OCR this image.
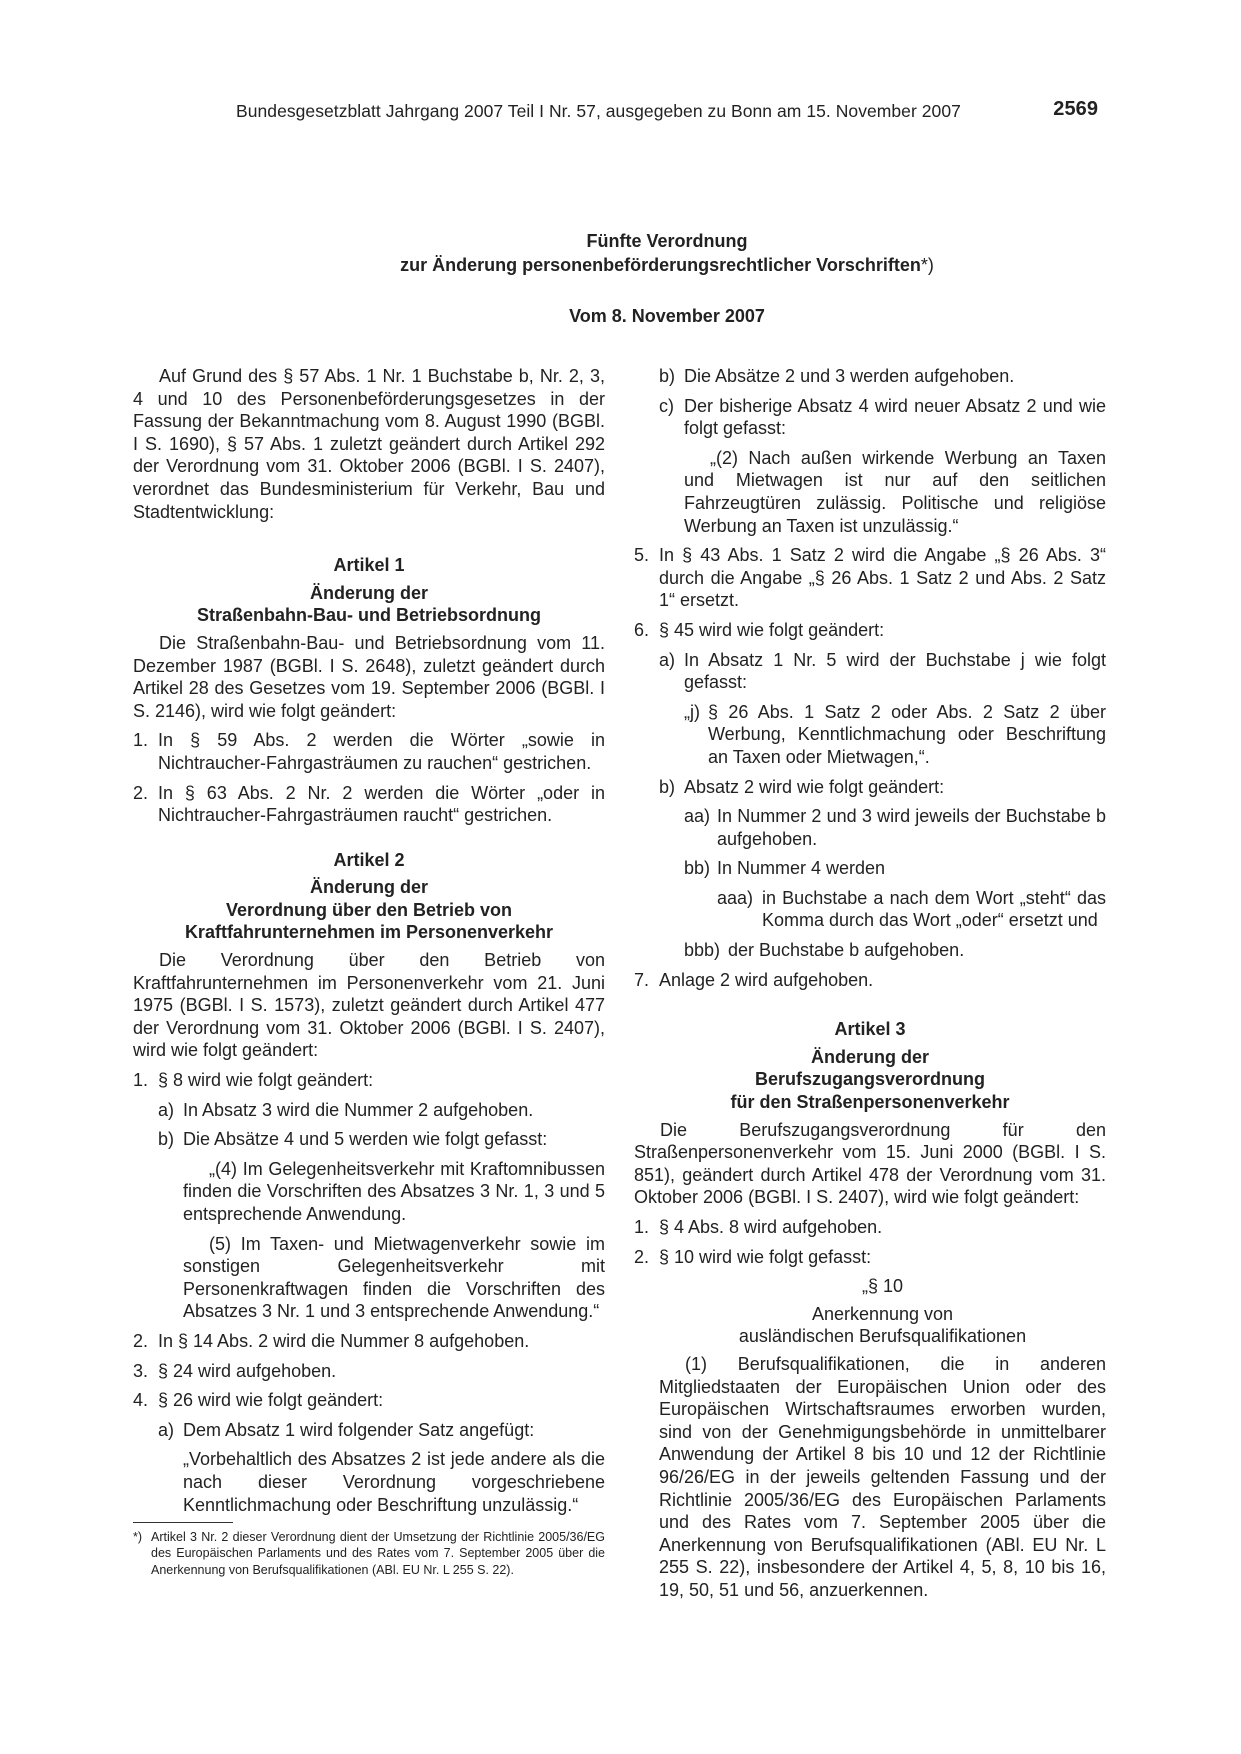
Bundesgesetzblatt Jahrgang 2007 Teil I Nr. 57, ausgegeben zu Bonn am 15. November 2007	2569
Fünfte Verordnung
zur Änderung personenbeförderungsrechtlicher Vorschriften*)
Vom 8. November 2007

Auf Grund des § 57 Abs. 1 Nr. 1 Buchstabe b, Nr. 2, 3, 4 und 10 des Personenbeförderungsgesetzes in der Fassung der Bekanntmachung vom 8. August 1990 (BGBl. I S. 1690), § 57 Abs. 1 zuletzt geändert durch Artikel 292 der Verordnung vom 31. Oktober 2006 (BGBl. I S. 2407), verordnet das Bundesministerium für Verkehr, Bau und Stadtentwicklung:

Artikel 1
Änderung der
Straßenbahn-Bau- und Betriebsordnung

Die Straßenbahn-Bau- und Betriebsordnung vom 11. Dezember 1987 (BGBl. I S. 2648), zuletzt geändert durch Artikel 28 des Gesetzes vom 19. September 2006 (BGBl. I S. 2146), wird wie folgt geändert:

1. In § 59 Abs. 2 werden die Wörter „sowie in Nichtraucher-Fahrgasträumen zu rauchen“ gestrichen.
2. In § 63 Abs. 2 Nr. 2 werden die Wörter „oder in Nichtraucher-Fahrgasträumen raucht“ gestrichen.
Artikel 2
Änderung der
Verordnung über den Betrieb von
Kraftfahrunternehmen im Personenverkehr

Die Verordnung über den Betrieb von Kraftfahrunternehmen im Personenverkehr vom 21. Juni 1975 (BGBl. I S. 1573), zuletzt geändert durch Artikel 477 der Verordnung vom 31. Oktober 2006 (BGBl. I S. 2407), wird wie folgt geändert:

1. § 8 wird wie folgt geändert:
a) In Absatz 3 wird die Nummer 2 aufgehoben.
b) Die Absätze 4 und 5 werden wie folgt gefasst:

„(4) Im Gelegenheitsverkehr mit Kraftomnibussen finden die Vorschriften des Absatzes 3 Nr. 1, 3 und 5 entsprechende Anwendung.

(5) Im Taxen- und Mietwagenverkehr sowie im sonstigen Gelegenheitsverkehr mit Personenkraftwagen finden die Vorschriften des Absatzes 3 Nr. 1 und 3 entsprechende Anwendung.“

2. In § 14 Abs. 2 wird die Nummer 8 aufgehoben.
3. § 24 wird aufgehoben.
4. § 26 wird wie folgt geändert:
a) Dem Absatz 1 wird folgender Satz angefügt:

„Vorbehaltlich des Absatzes 2 ist jede andere als die nach dieser Verordnung vorgeschriebene Kenntlichmachung oder Beschriftung unzulässig.“

b) Die Absätze 2 und 3 werden aufgehoben.
c) Der bisherige Absatz 4 wird neuer Absatz 2 und wie folgt gefasst:

„(2) Nach außen wirkende Werbung an Taxen und Mietwagen ist nur auf den seitlichen Fahrzeugtüren zulässig. Politische und religiöse Werbung an Taxen ist unzulässig.“

5. In § 43 Abs. 1 Satz 2 wird die Angabe „§ 26 Abs. 3“ durch die Angabe „§ 26 Abs. 1 Satz 2 und Abs. 2 Satz 1“ ersetzt.
6. § 45 wird wie folgt geändert:
a) In Absatz 1 Nr. 5 wird der Buchstabe j wie folgt gefasst:
„j) § 26 Abs. 1 Satz 2 oder Abs. 2 Satz 2 über Werbung, Kenntlichmachung oder Beschriftung an Taxen oder Mietwagen,“.
b) Absatz 2 wird wie folgt geändert:
aa) In Nummer 2 und 3 wird jeweils der Buchstabe b aufgehoben.
bb) In Nummer 4 werden
aaa) in Buchstabe a nach dem Wort „steht“ das Komma durch das Wort „oder“ ersetzt und
bbb) der Buchstabe b aufgehoben.
7. Anlage 2 wird aufgehoben.
Artikel 3
Änderung der
Berufszugangsverordnung
für den Straßenpersonenverkehr

Die Berufszugangsverordnung für den Straßenpersonenverkehr vom 15. Juni 2000 (BGBl. I S. 851), geändert durch Artikel 478 der Verordnung vom 31. Oktober 2006 (BGBl. I S. 2407), wird wie folgt geändert:

1. § 4 Abs. 8 wird aufgehoben.
2. § 10 wird wie folgt gefasst:
„§ 10
Anerkennung von
ausländischen Berufsqualifikationen

(1) Berufsqualifikationen, die in anderen Mitgliedstaaten der Europäischen Union oder des Europäischen Wirtschaftsraumes erworben wurden, sind von der Genehmigungsbehörde in unmittelbarer Anwendung der Artikel 8 bis 10 und 12 der Richtlinie 96/26/EG in der jeweils geltenden Fassung und der Richtlinie 2005/36/EG des Europäischen Parlaments und des Rates vom 7. September 2005 über die Anerkennung von Berufsqualifikationen (ABl. EU Nr. L 255 S. 22), insbesondere der Artikel 4, 5, 8, 10 bis 16, 19, 50, 51 und 56, anzuerkennen.

*) Artikel 3 Nr. 2 dieser Verordnung dient der Umsetzung der Richtlinie 2005/36/EG des Europäischen Parlaments und des Rates vom 7. September 2005 über die Anerkennung von Berufsqualifikationen (ABl. EU Nr. L 255 S. 22).
